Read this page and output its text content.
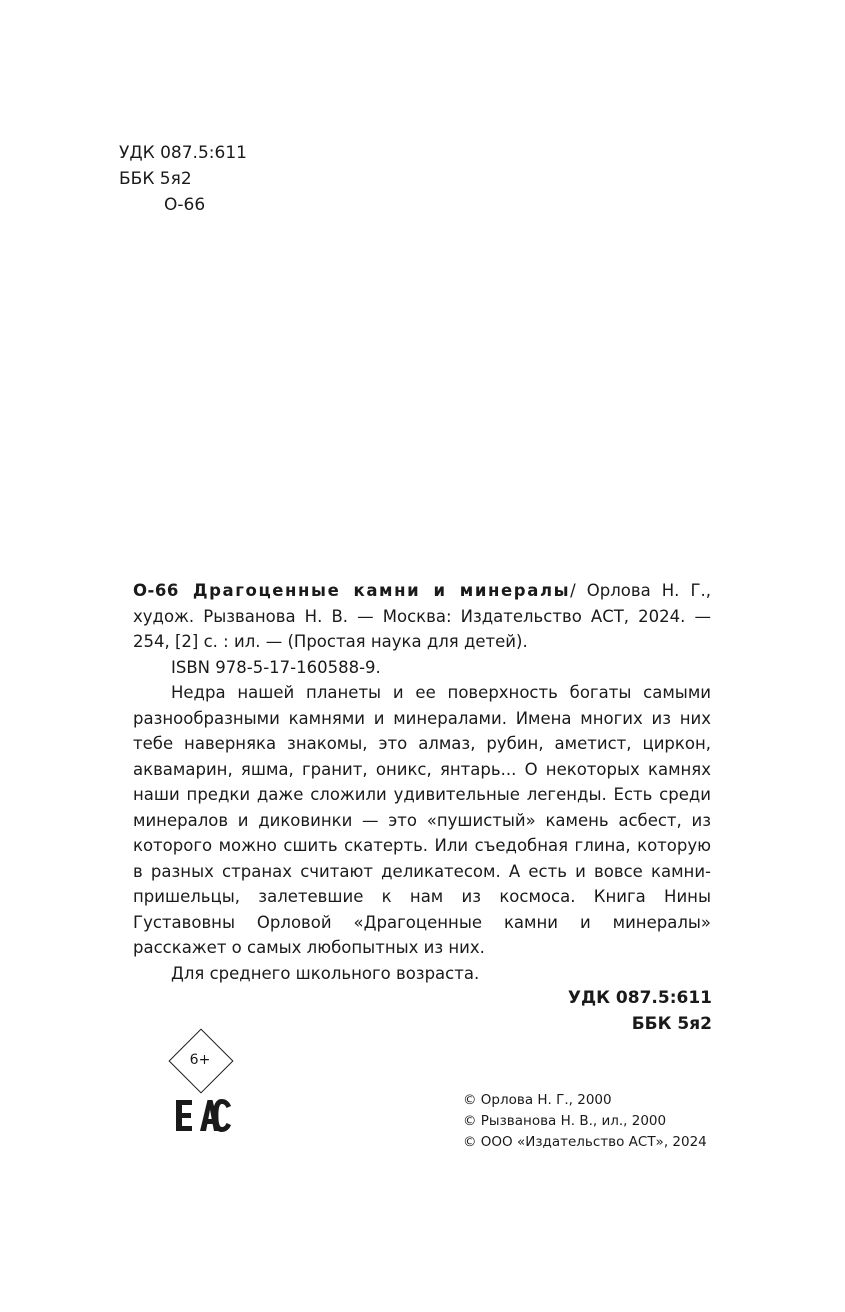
УДК 087.5:611
ББК 5я2
О-66

О-66 Драгоценные камни и минералы/ Орлова Н. Г., худож. Рызванова Н. В. — Москва: Издательство АСТ, 2024. — 254, [2] с. : ил. — (Простая наука для детей).

ISBN 978-5-17-160588-9.

Недра нашей планеты и ее поверхность богаты самыми разнообразными камнями и минералами. Имена многих из них тебе наверняка знакомы, это алмаз, рубин, аметист, циркон, аквамарин, яшма, гранит, оникс, янтарь... О некоторых камнях наши предки даже сложили удивительные легенды. Есть среди минералов и диковинки — это «пушистый» камень асбест, из которого можно сшить скатерть. Или съедобная глина, которую в разных странах считают деликатесом. А есть и вовсе камни-пришельцы, залетевшие к нам из космоса. Книга Нины Густавовны Орловой «Драгоценные камни и минералы» расскажет о самых любопытных из них.

Для среднего школьного возраста.

УДК 087.5:611
ББК 5я2
6+
© Орлова Н. Г., 2000
© Рызванова Н. В., ил., 2000
© ООО «Издательство АСТ», 2024
